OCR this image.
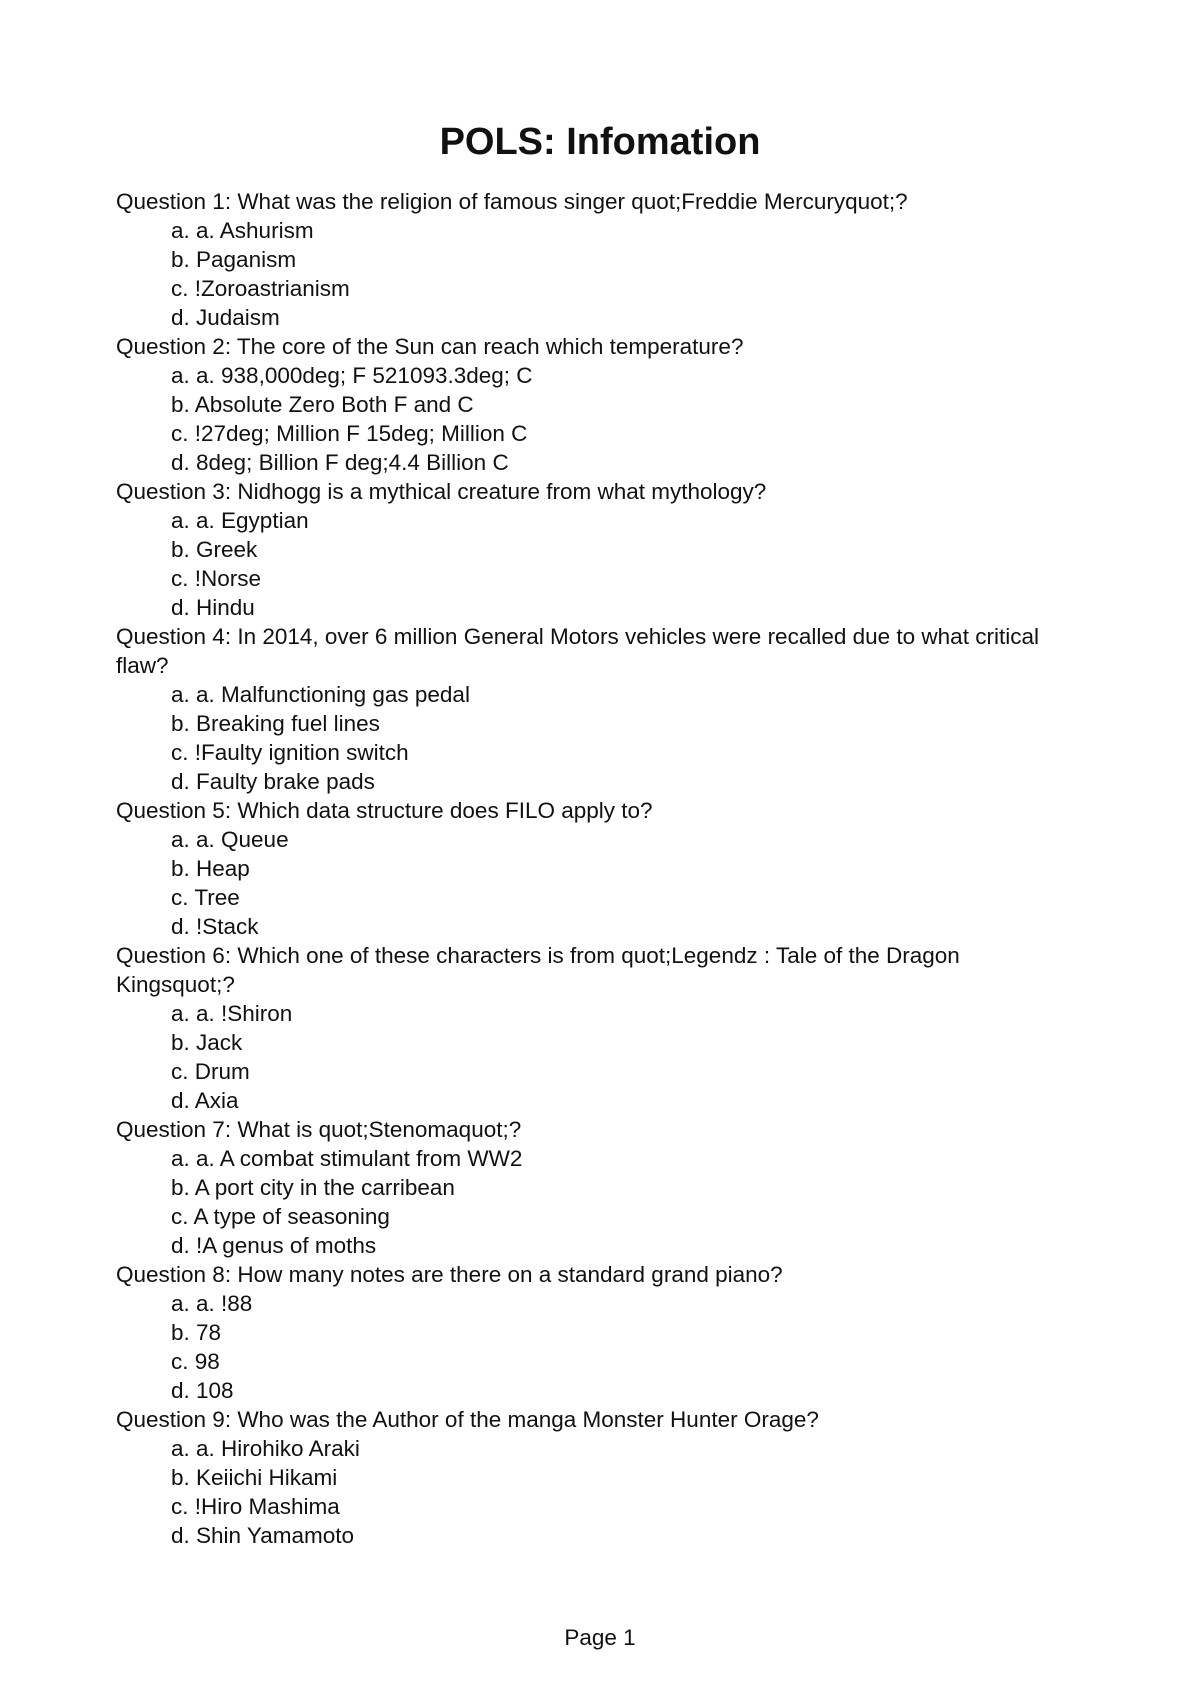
POLS: Infomation

Question 1: What was the religion of famous singer quot;Freddie Mercuryquot;?

a. a. Ashurism
b. Paganism
c. !Zoroastrianism
d. Judaism

Question 2: The core of the Sun can reach which temperature?

a. a. 938,000deg; F 521093.3deg; C
b. Absolute Zero Both F and C
c. !27deg; Million F 15deg; Million C
d. 8deg; Billion F deg;4.4 Billion C

Question 3: Nidhogg is a mythical creature from what mythology?

a. a. Egyptian
b. Greek
c. !Norse
d. Hindu

Question 4: In 2014, over 6 million General Motors vehicles were recalled due to what critical flaw?

a. a. Malfunctioning gas pedal
b. Breaking fuel lines
c. !Faulty ignition switch
d. Faulty brake pads

Question 5: Which data structure does FILO apply to?

a. a. Queue
b. Heap
c. Tree
d. !Stack

Question 6: Which one of these characters is from quot;Legendz : Tale of the Dragon Kingsquot;?

a. a. !Shiron
b. Jack
c. Drum
d. Axia

Question 7: What is quot;Stenomaquot;?

a. a. A combat stimulant from WW2
b. A port city in the carribean
c. A type of seasoning
d. !A genus of moths

Question 8: How many notes are there on a standard grand piano?

a. a. !88
b. 78
c. 98
d. 108

Question 9: Who was the Author of the manga Monster Hunter Orage?

a. a. Hirohiko Araki
b. Keiichi Hikami
c. !Hiro Mashima
d. Shin Yamamoto
Page 1
